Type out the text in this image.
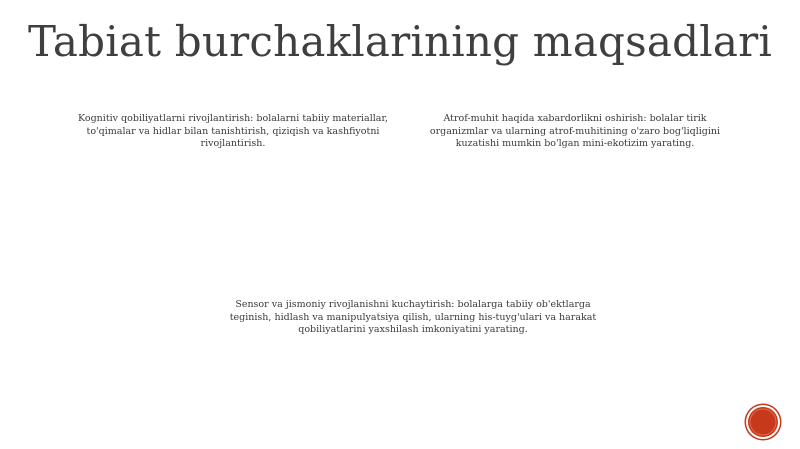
Tabiat burchaklarining maqsadlari
Kognitiv qobiliyatlarni rivojlantirish: bolalarni tabiiy materiallar, to'qimalar va hidlar bilan tanishtirish, qiziqish va kashfiyotni rivojlantirish.
Atrof-muhit haqida xabardorlikni oshirish: bolalar tirik organizmlar va ularning atrof-muhitining o'zaro bog'liqligini kuzatishi mumkin bo'lgan mini-ekotizim yarating.
Sensor va jismoniy rivojlanishni kuchaytirish: bolalarga tabiiy ob'ektlarga teginish, hidlash va manipulyatsiya qilish, ularning his-tuyg'ulari va harakat qobiliyatlarini yaxshilash imkoniyatini yarating.
